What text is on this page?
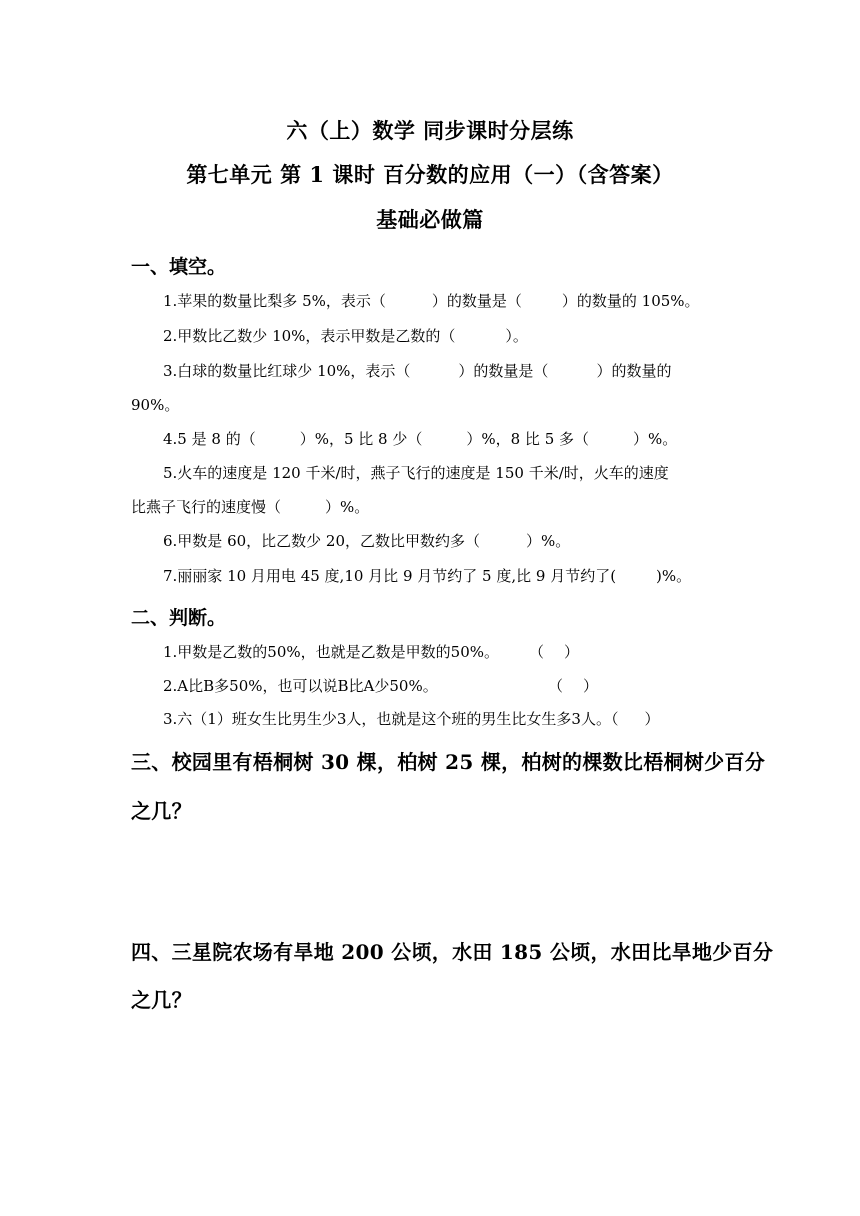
六（上）数学 同步课时分层练
第七单元 第 1 课时 百分数的应用（一）（含答案）
基础必做篇
一、填空。
1.苹果的数量比梨多 5%，表示（	）的数量是（	）的数量的 105%。
2.甲数比乙数少 10%，表示甲数是乙数的（	）。
3.白球的数量比红球少 10%，表示（	）的数量是（	）的数量的
90%。
4.5 是 8 的（	）%，5 比 8 少（	）%，8 比 5 多（	）%。
5.火车的速度是 120 千米/时，燕子飞行的速度是 150 千米/时，火车的速度
比燕子飞行的速度慢（	）%。
6.甲数是 60，比乙数少 20，乙数比甲数约多（	）%。
7.丽丽家 10 月用电 45 度,10 月比 9 月节约了 5 度,比 9 月节约了(	)%。
二、判断。
1.甲数是乙数的50%，也就是乙数是甲数的50%。 （ ）
2.A比B多50%，也可以说B比A少50%。	（ ）
3.六（1）班女生比男生少3人，也就是这个班的男生比女生多3人。（ ）
三、校园里有梧桐树 30 棵，柏树 25 棵，柏树的棵数比梧桐树少百分
之几？
四、三星院农场有旱地 200 公顷，水田 185 公顷，水田比旱地少百分
之几？
